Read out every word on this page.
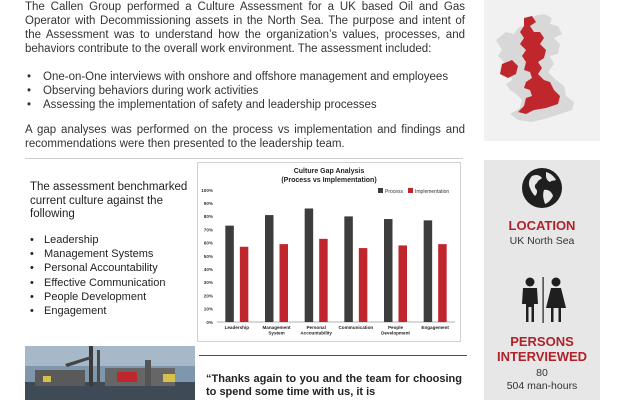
The Callen Group performed a Culture Assessment for a UK based Oil and Gas Operator with Decommissioning assets in the North Sea. The purpose and intent of the Assessment was to understand how the organization’s values, processes, and behaviors contribute to the overall work environment. The assessment included:

• One-on-One interviews with onshore and offshore management and employees
• Observing behaviors during work activities
• Assessing the implementation of safety and leadership processes

A gap analyses was performed on the process vs implementation and findings and recommendations were then presented to the leadership team.

The assessment benchmarked current culture against the following
• Leadership
• Management Systems
• Personal Accountability
• Effective Communication
• People Development
• Engagement
Culture Gap Analysis
(Process vs Implementation)
Process Implementation
0%
10%
20%
30%
40%
50%
60%
70%
80%
90%
100%
Leadership	Management System
Personal Accountability
Communication	People Development
Engagement
LOCATION
UK North Sea
PERSONS INTERVIEWED
80
504 man-hours
“Thanks again to you and the team for choosing to spend some time with us, it is
